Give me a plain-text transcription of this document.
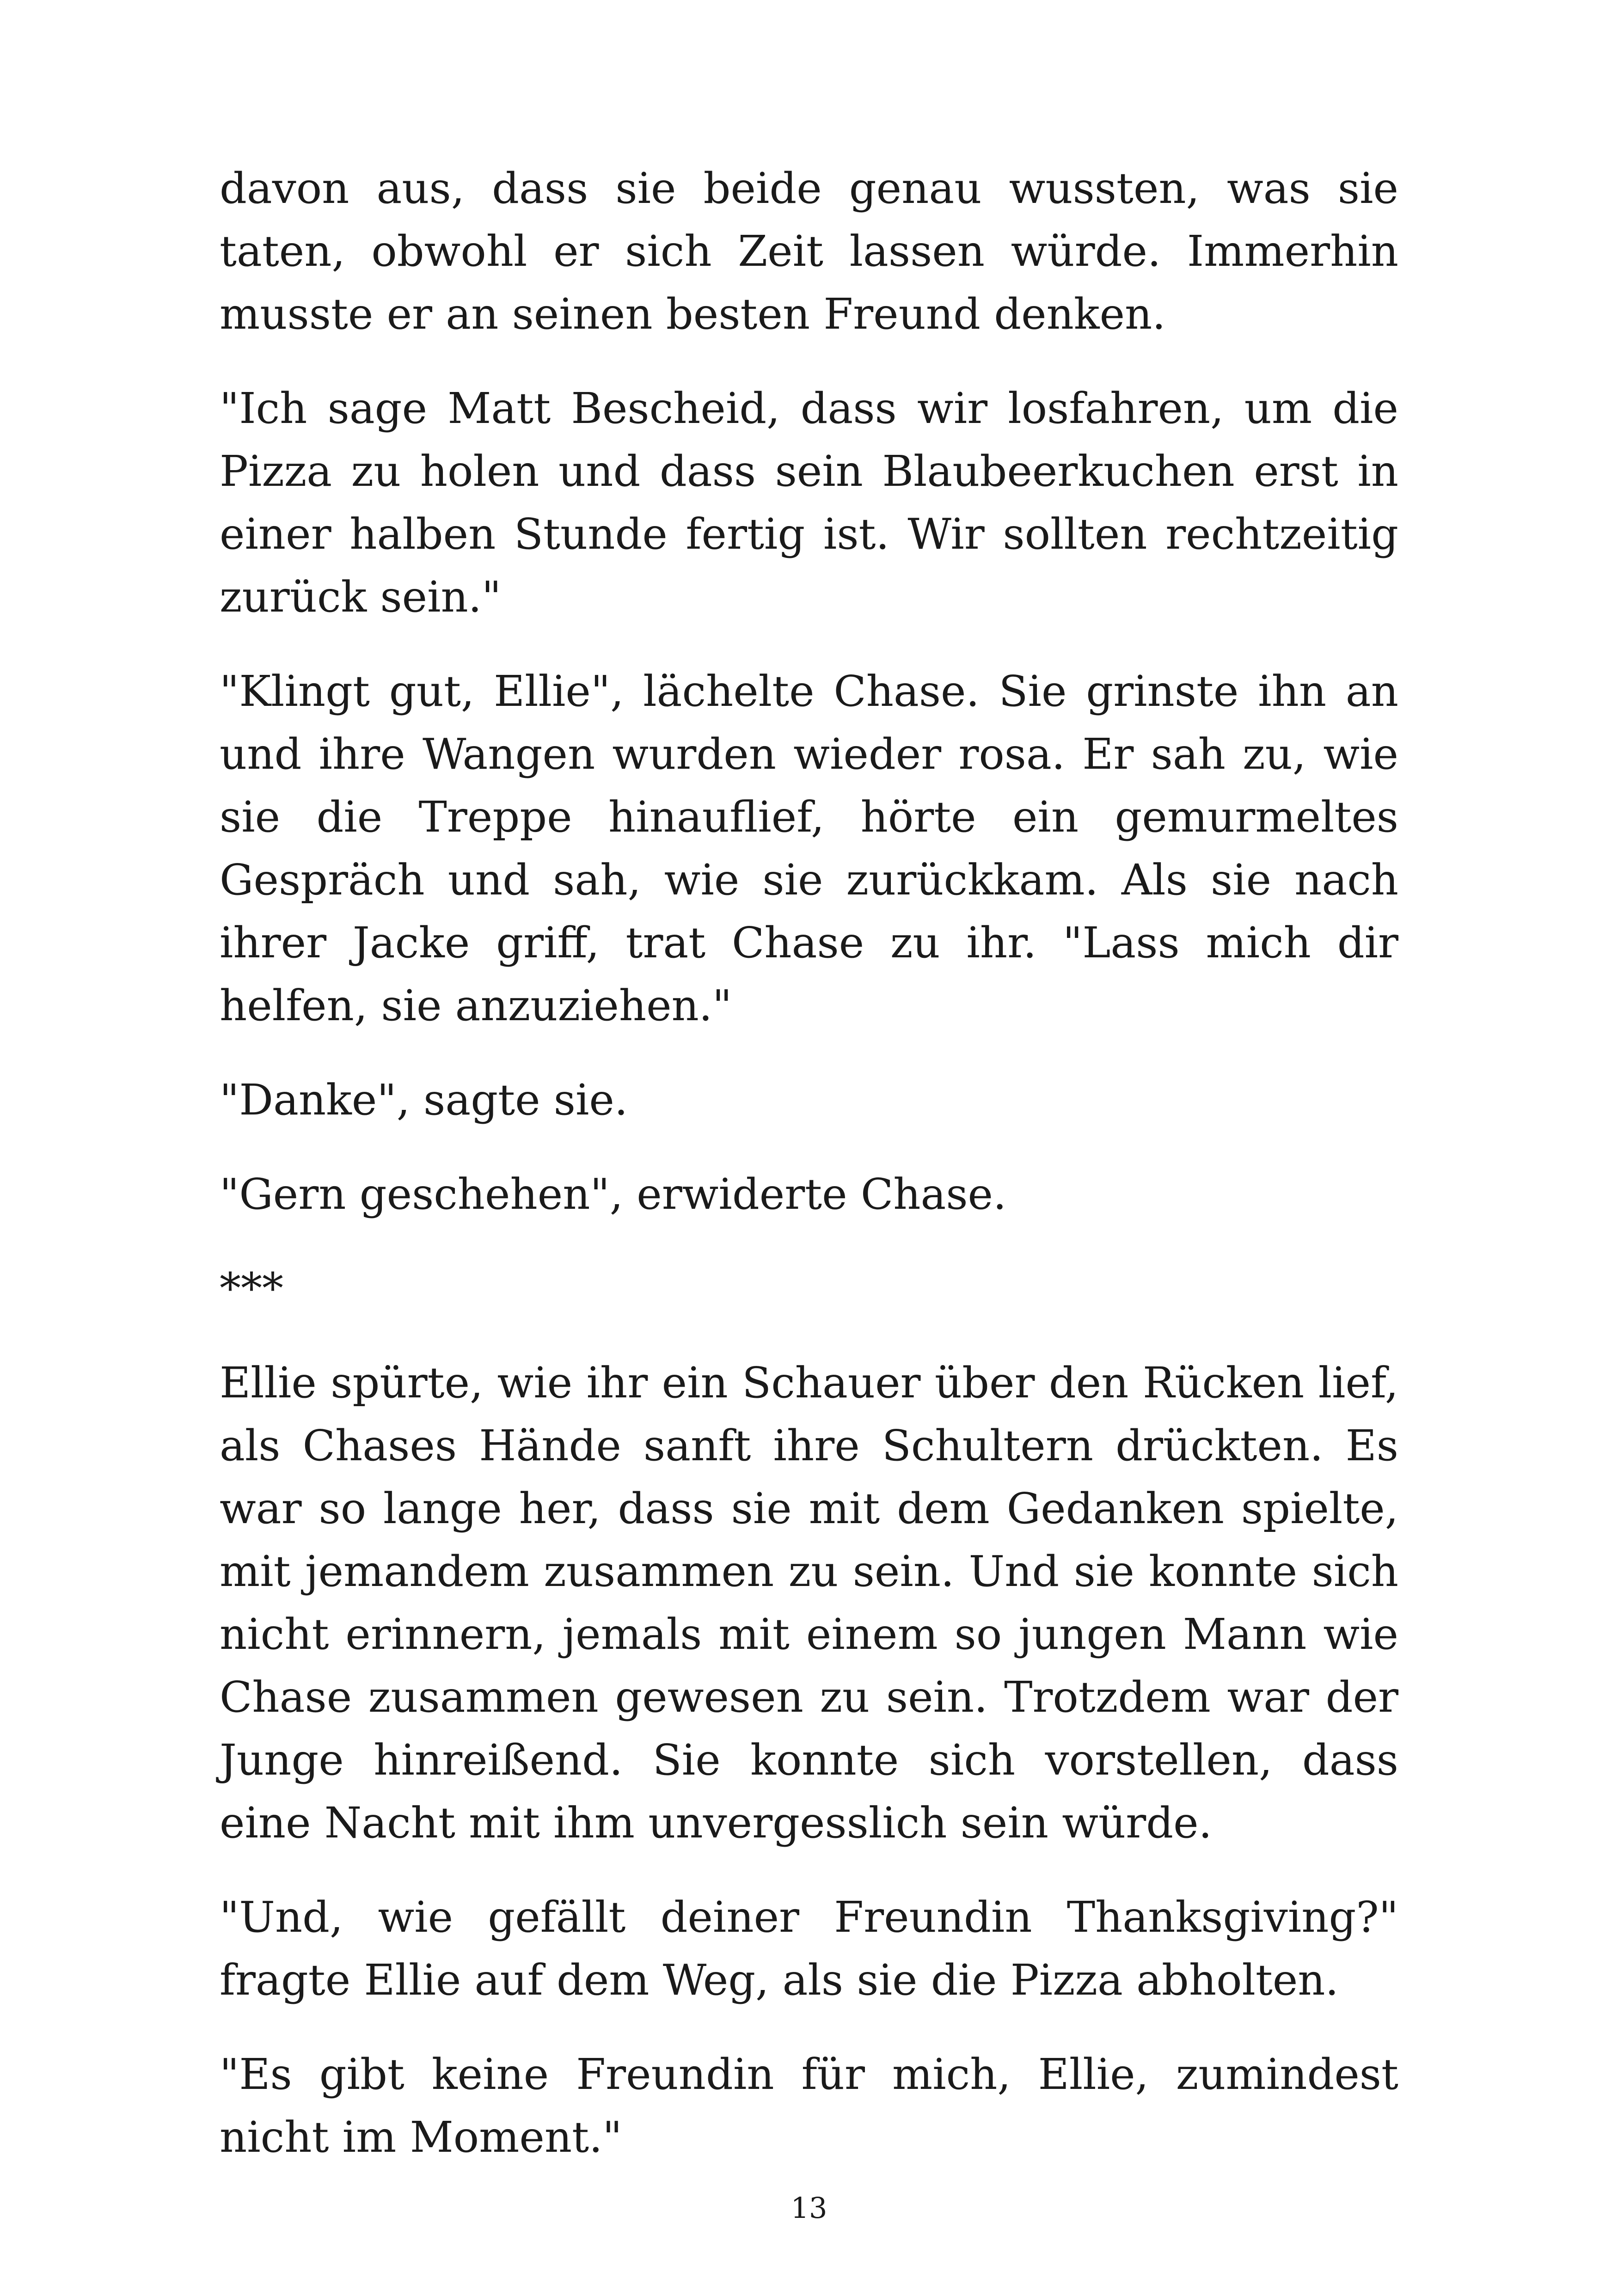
davon aus, dass sie beide genau wussten, was sie taten, obwohl er sich Zeit lassen würde. Immerhin musste er an seinen besten Freund denken.

"Ich sage Matt Bescheid, dass wir losfahren, um die Pizza zu holen und dass sein Blaubeerkuchen erst in einer halben Stunde fertig ist. Wir sollten rechtzeitig zurück sein."

"Klingt gut, Ellie", lächelte Chase. Sie grinste ihn an und ihre Wangen wurden wieder rosa. Er sah zu, wie sie die Treppe hinauflief, hörte ein gemurmeltes Gespräch und sah, wie sie zurückkam. Als sie nach ihrer Jacke griff, trat Chase zu ihr. "Lass mich dir helfen, sie anzuziehen."

"Danke", sagte sie.

"Gern geschehen", erwiderte Chase.

***

Ellie spürte, wie ihr ein Schauer über den Rücken lief, als Chases Hände sanft ihre Schultern drückten. Es war so lange her, dass sie mit dem Gedanken spielte, mit jemandem zusammen zu sein. Und sie konnte sich nicht erinnern, jemals mit einem so jungen Mann wie Chase zusammen gewesen zu sein. Trotzdem war der Junge hinreißend. Sie konnte sich vorstellen, dass eine Nacht mit ihm unvergesslich sein würde.

"Und, wie gefällt deiner Freundin Thanksgiving?" fragte Ellie auf dem Weg, als sie die Pizza abholten.

"Es gibt keine Freundin für mich, Ellie, zumindest nicht im Moment."

13
